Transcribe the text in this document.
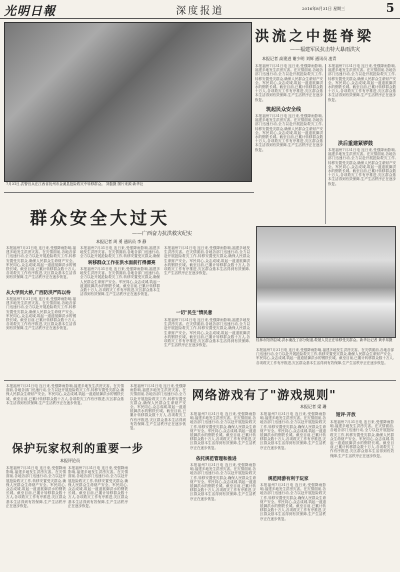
光明日報	深度报道	2016年8月31日 星期三	5
7月31日,武警官兵在江西省抚州市金溪县抢险救灾中转移群众。 刘磊摄 图片来源:新华社
洪流之中挺脊梁
——福建军民抗击特大暴雨洪灾
本报记者 高建进 谢少明 刘辉 通讯员 凌青
本报福州7月31日电 连日来,受强降雨影响,福建多地发生洪涝灾害。在灾情面前,各地各部门迅速行动,全力以赴开展抢险救灾工作,转移安置受灾群众,确保人民群众生命财产安全。军民同心,众志成城,筑起一道道抵御洪水的钢铁长城。截至目前,已累计转移群众数十万人,各项救灾工作有序推进,灾区群众基本生活得到有效保障,生产生活秩序正在逐步恢复。
筑起民众安全线
本报福州7月31日电 连日来,受强降雨影响,福建多地发生洪涝灾害。在灾情面前,各地各部门迅速行动,全力以赴开展抢险救灾工作,转移安置受灾群众,确保人民群众生命财产安全。军民同心,众志成城,筑起一道道抵御洪水的钢铁长城。截至目前,已累计转移群众数十万人,各项救灾工作有序推进,灾区群众基本生活得到有效保障,生产生活秩序正在逐步恢复。
本报福州7月31日电 连日来,受强降雨影响,福建多地发生洪涝灾害。在灾情面前,各地各部门迅速行动,全力以赴开展抢险救灾工作,转移安置受灾群众,确保人民群众生命财产安全。军民同心,众志成城,筑起一道道抵御洪水的钢铁长城。截至目前,已累计转移群众数十万人,各项救灾工作有序推进,灾区群众基本生活得到有效保障,生产生活秩序正在逐步恢复。
洪后重建紧锣鼓
本报福州7月31日电 连日来,受强降雨影响,福建多地发生洪涝灾害。在灾情面前,各地各部门迅速行动,全力以赴开展抢险救灾工作,转移安置受灾群众,确保人民群众生命财产安全。军民同心,众志成城,筑起一道道抵御洪水的钢铁长城。截至目前,已累计转移群众数十万人,各项救灾工作有序推进,灾区群众基本生活得到有效保障,生产生活秩序正在逐步恢复。
群众安全大过天
——广西奋力抗洪救灾纪实
本报记者 周 勇 通讯员 李 静
本报福州7月31日电 连日来,受强降雨影响,福建多地发生洪涝灾害。在灾情面前,各地各部门迅速行动,全力以赴开展抢险救灾工作,转移安置受灾群众,确保人民群众生命财产安全。军民同心,众志成城,筑起一道道抵御洪水的钢铁长城。截至目前,已累计转移群众数十万人,各项救灾工作有序推进,灾区群众基本生活得到有效保障,生产生活秩序正在逐步恢复。
从大学到大桥,广西防洪严阵以待
本报福州7月31日电 连日来,受强降雨影响,福建多地发生洪涝灾害。在灾情面前,各地各部门迅速行动,全力以赴开展抢险救灾工作,转移安置受灾群众,确保人民群众生命财产安全。军民同心,众志成城,筑起一道道抵御洪水的钢铁长城。截至目前,已累计转移群众数十万人,各项救灾工作有序推进,灾区群众基本生活得到有效保障,生产生活秩序正在逐步恢复。
本报福州7月31日电 连日来,受强降雨影响,福建多地发生洪涝灾害。在灾情面前,各地各部门迅速行动,全力以赴开展抢险救灾工作,转移安置受灾群众,确保
转移群众工作在洪水面前打得漂亮
本报福州7月31日电 连日来,受强降雨影响,福建多地发生洪涝灾害。在灾情面前,各地各部门迅速行动,全力以赴开展抢险救灾工作,转移安置受灾群众,确保人民群众生命财产安全。军民同心,众志成城,筑起一道道抵御洪水的钢铁长城。截至目前,已累计转移群众数十万人,各项救灾工作有序推进,灾区群众基本生活得到有效保障,生产生活秩序正在逐步恢复。
本报福州7月31日电 连日来,受强降雨影响,福建多地发生洪涝灾害。在灾情面前,各地各部门迅速行动,全力以赴开展抢险救灾工作,转移安置受灾群众,确保人民群众生命财产安全。军民同心,众志成城,筑起一道道抵御洪水的钢铁长城。截至目前,已累计转移群众数十万人,各项救灾工作有序推进,灾区群众基本生活得到有效保障,生产生活秩序正在逐步恢复。
一切"民生"情民意
本报福州7月31日电 连日来,受强降雨影响,福建多地发生洪涝灾害。在灾情面前,各地各部门迅速行动,全力以赴开展抢险救灾工作,转移安置受灾群众,确保人民群众生命财产安全。军民同心,众志成城,筑起一道道抵御洪水的钢铁长城。截至目前,已累计转移群众数十万人,各项救灾工作有序推进,灾区群众基本生活得到有效保障,生产生活秩序正在逐步恢复。
桂林市阳朔县城,洪水淹没了部分街道,救援人员正在转移受灾群众。新华社记者 黄孝邦摄
本报福州7月31日电 连日来,受强降雨影响,福建多地发生洪涝灾害。在灾情面前,各地各部门迅速行动,全力以赴开展抢险救灾工作,转移安置受灾群众,确保人民群众生命财产安全。军民同心,众志成城,筑起一道道抵御洪水的钢铁长城。截至目前,已累计转移群众数十万人,各项救灾工作有序推进,灾区群众基本生活得到有效保障,生产生活秩序正在逐步恢复。
本报福州7月31日电 连日来,受强降雨影响,福建多地发生洪涝灾害。在灾情面前,各地各部门迅速行动,全力以赴开展抢险救灾工作,转移安置受灾群众,确保人民群众生命财产安全。军民同心,众志成城,筑起一道道抵御洪水的钢铁长城。截至目前,已累计转移群众数十万人,各项救灾工作有序推进,灾区群众基本生活得到有效保障,生产生活秩序正在逐步恢复。
保护玩家权利的重要一步
本报评论员
本报福州7月31日电 连日来,受强降雨影响,福建多地发生洪涝灾害。在灾情面前,各地各部门迅速行动,全力以赴开展抢险救灾工作,转移安置受灾群众,确保人民群众生命财产安全。军民同心,众志成城,筑起一道道抵御洪水的钢铁长城。截至目前,已累计转移群众数十万人,各项救灾工作有序推进,灾区群众基本生活得到有效保障,生产生活秩序正在逐步恢复。
本报福州7月31日电 连日来,受强降雨影响,福建多地发生洪涝灾害。在灾情面前,各地各部门迅速行动,全力以赴开展抢险救灾工作,转移安置受灾群众,确保人民群众生命财产安全。军民同心,众志成城,筑起一道道抵御洪水的钢铁长城。截至目前,已累计转移群众数十万人,各项救灾工作有序推进,灾区群众基本生活得到有效保障,生产生活秩序正在逐步恢复。
本报福州7月31日电 连日来,受强降雨影响,福建多地发生洪涝灾害。在灾情面前,各地各部门迅速行动,全力以赴开展抢险救灾工作,转移安置受灾群众,确保人民群众生命财产安全。军民同心,众志成城,筑起一道道抵御洪水的钢铁长城。截至目前,已累计转移群众数十万人,各项救灾工作有序推进,灾区群众基本生活得到有效保障,生产生活秩序正在逐步恢复。
网络游戏有了"游戏规则"
本报记者 梁 珊
本报福州7月31日电 连日来,受强降雨影响,福建多地发生洪涝灾害。在灾情面前,各地各部门迅速行动,全力以赴开展抢险救灾工作,转移安置受灾群众,确保人民群众生命财产安全。军民同心,众志成城,筑起一道道抵御洪水的钢铁长城。截至目前,已累计转移群众数十万人,各项救灾工作有序推进,灾区群众基本生活得到有效保障,生产生活秩序正在逐步恢复。
依托规范管理和推进
本报福州7月31日电 连日来,受强降雨影响,福建多地发生洪涝灾害。在灾情面前,各地各部门迅速行动,全力以赴开展抢险救灾工作,转移安置受灾群众,确保人民群众生命财产安全。军民同心,众志成城,筑起一道道抵御洪水的钢铁长城。截至目前,已累计转移群众数十万人,各项救灾工作有序推进,灾区群众基本生活得到有效保障,生产生活秩序正在逐步恢复。
本报福州7月31日电 连日来,受强降雨影响,福建多地发生洪涝灾害。在灾情面前,各地各部门迅速行动,全力以赴开展抢险救灾工作,转移安置受灾群众,确保人民群众生命财产安全。军民同心,众志成城,筑起一道道抵御洪水的钢铁长城。截至目前,已累计转移群众数十万人,各项救灾工作有序推进,灾区群众基本生活得到有效保障,生产生活秩序正在逐步恢复。
规范网游有利于玩家
本报福州7月31日电 连日来,受强降雨影响,福建多地发生洪涝灾害。在灾情面前,各地各部门迅速行动,全力以赴开展抢险救灾工作,转移安置受灾群众,确保人民群众生命财产安全。军民同心,众志成城,筑起一道道抵御洪水的钢铁长城。截至目前,已累计转移群众数十万人,各项救灾工作有序推进,灾区群众基本生活得到有效保障,生产生活秩序正在逐步恢复。
短评·开放
本报福州7月31日电 连日来,受强降雨影响,福建多地发生洪涝灾害。在灾情面前,各地各部门迅速行动,全力以赴开展抢险救灾工作,转移安置受灾群众,确保人民群众生命财产安全。军民同心,众志成城,筑起一道道抵御洪水的钢铁长城。截至目前,已累计转移群众数十万人,各项救灾工作有序推进,灾区群众基本生活得到有效保障,生产生活秩序正在逐步恢复。
